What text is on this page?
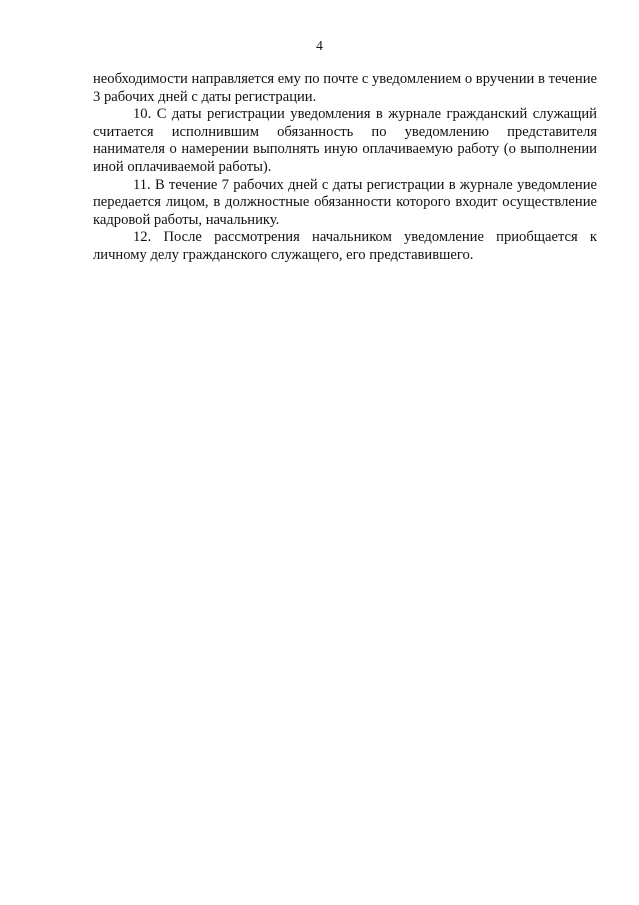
4

необходимости направляется ему по почте с уведомлением о вручении в течение 3 рабочих дней с даты регистрации.

10. С даты регистрации уведомления в журнале гражданский служащий считается исполнившим обязанность по уведомлению представителя нанимателя о намерении выполнять иную оплачиваемую работу (о выполнении иной оплачиваемой работы).

11. В течение 7 рабочих дней с даты регистрации в журнале уведомление передается лицом, в должностные обязанности которого входит осуществление кадровой работы, начальнику.

12. После рассмотрения начальником уведомление приобщается к личному делу гражданского служащего, его представившего.
